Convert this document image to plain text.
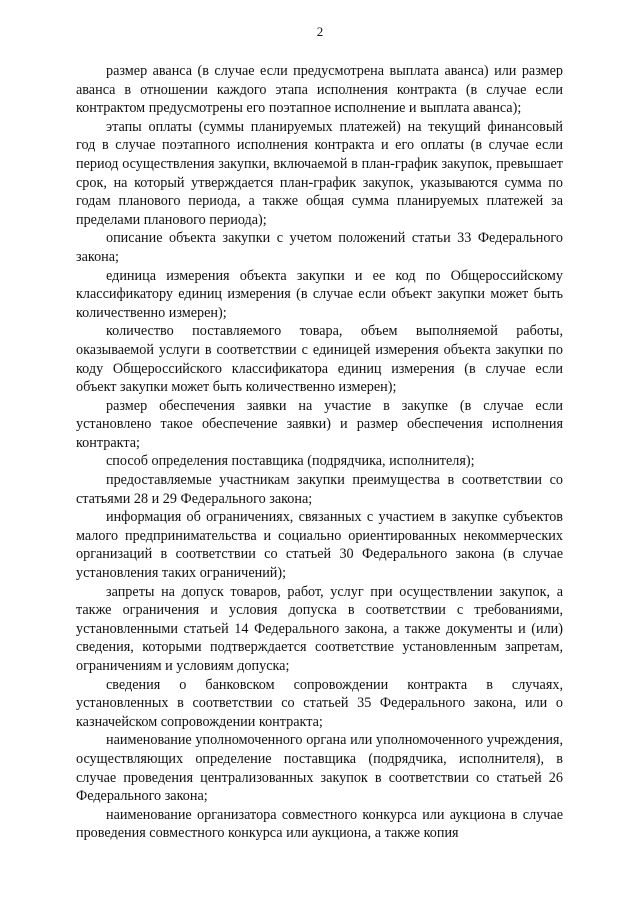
2

размер аванса (в случае если предусмотрена выплата аванса) или размер аванса в отношении каждого этапа исполнения контракта (в случае если контрактом предусмотрены его поэтапное исполнение и выплата аванса);

этапы оплаты (суммы планируемых платежей) на текущий финансовый год в случае поэтапного исполнения контракта и его оплаты (в случае если период осуществления закупки, включаемой в план-график закупок, превышает срок, на который утверждается план-график закупок, указываются сумма по годам планового периода, а также общая сумма планируемых платежей за пределами планового периода);

описание объекта закупки с учетом положений статьи 33 Федерального закона;

единица измерения объекта закупки и ее код по Общероссийскому классификатору единиц измерения (в случае если объект закупки может быть количественно измерен);

количество поставляемого товара, объем выполняемой работы, оказываемой услуги в соответствии с единицей измерения объекта закупки по коду Общероссийского классификатора единиц измерения (в случае если объект закупки может быть количественно измерен);

размер обеспечения заявки на участие в закупке (в случае если установлено такое обеспечение заявки) и размер обеспечения исполнения контракта;

способ определения поставщика (подрядчика, исполнителя);

предоставляемые участникам закупки преимущества в соответствии со статьями 28 и 29 Федерального закона;

информация об ограничениях, связанных с участием в закупке субъектов малого предпринимательства и социально ориентированных некоммерческих организаций в соответствии со статьей 30 Федерального закона (в случае установления таких ограничений);

запреты на допуск товаров, работ, услуг при осуществлении закупок, а также ограничения и условия допуска в соответствии с требованиями, установленными статьей 14 Федерального закона, а также документы и (или) сведения, которыми подтверждается соответствие установленным запретам, ограничениям и условиям допуска;

сведения о банковском сопровождении контракта в случаях, установленных в соответствии со статьей 35 Федерального закона, или о казначейском сопровождении контракта;

наименование уполномоченного органа или уполномоченного учреждения, осуществляющих определение поставщика (подрядчика, исполнителя), в случае проведения централизованных закупок в соответствии со статьей 26 Федерального закона;

наименование организатора совместного конкурса или аукциона в случае проведения совместного конкурса или аукциона, а также копия
